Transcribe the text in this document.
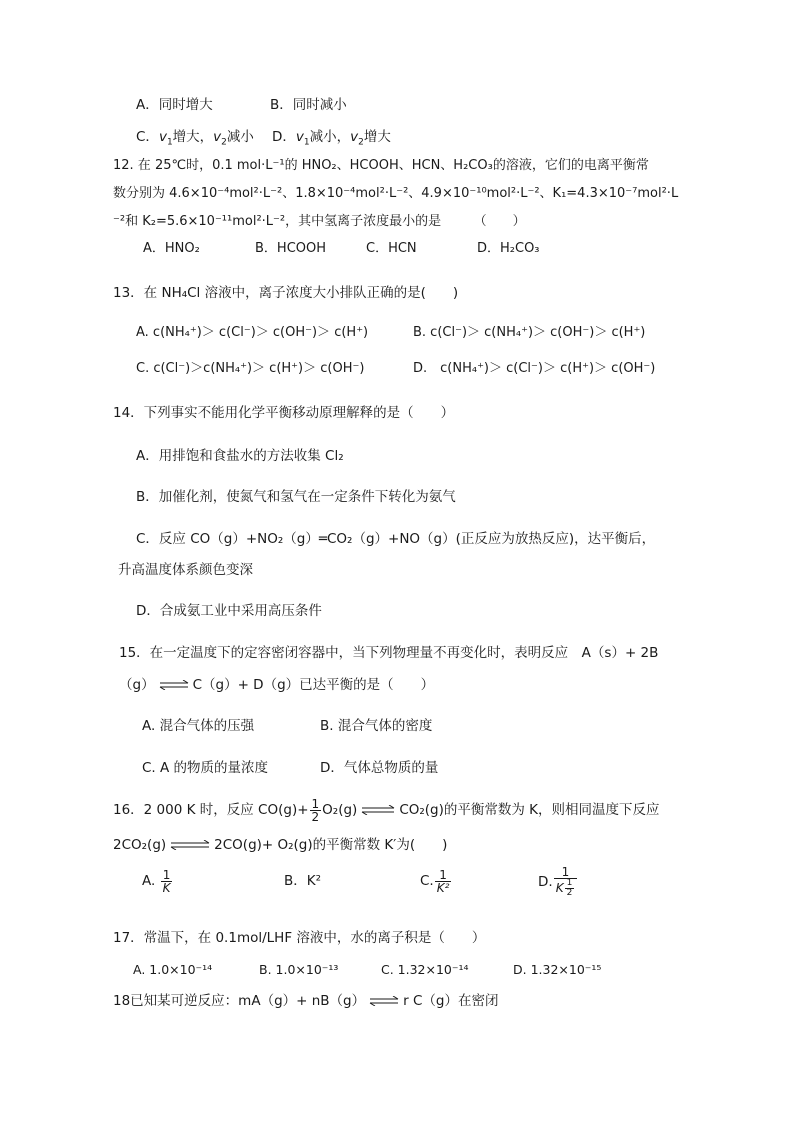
A．同时增大	B．同时减小
C．$v_1$增大，$v_2$减小 D．$v_1$减小，$v_2$增大
12. 在 25℃时，0.1 mol·L⁻¹的 HNO₂、HCOOH、HCN、H₂CO₃的溶液，它们的电离平衡常
数分别为 4.6×10⁻⁴mol²·L⁻²、1.8×10⁻⁴mol²·L⁻²、4.9×10⁻¹⁰mol²·L⁻²、K₁=4.3×10⁻⁷mol²·L
⁻²和 K₂=5.6×10⁻¹¹mol²·L⁻²，其中氢离子浓度最小的是　　　（　　）
A．HNO₂	B．HCOOH	C．HCN	D．H₂CO₃
13．在 NH₄Cl 溶液中，离子浓度大小排队正确的是(　　)
A. c(NH₄⁺)＞ c(Cl⁻)＞ c(OH⁻)＞ c(H⁺)	B. c(Cl⁻)＞ c(NH₄⁺)＞ c(OH⁻)＞ c(H⁺)
C. c(Cl⁻)＞c(NH₄⁺)＞ c(H⁺)＞ c(OH⁻)	D.　c(NH₄⁺)＞ c(Cl⁻)＞ c(H⁺)＞ c(OH⁻)
14．下列事实不能用化学平衡移动原理解释的是（　　）
A．用排饱和食盐水的方法收集 Cl₂
B．加催化剂，使氮气和氢气在一定条件下转化为氨气
C．反应 CO（g）+NO₂（g）═CO₂（g）+NO（g）(正反应为放热反应)，达平衡后，
升高温度体系颜色变深
D．合成氨工业中采用高压条件
15．在一定温度下的定容密闭容器中，当下列物理量不再变化时，表明反应　A（s）+ 2B
（g） ⇌ C（g）+ D（g）已达平衡的是（　　）
A. 混合气体的压强	B. 混合气体的密度
C. A 的物质的量浓度	D．气体总物质的量
16．2 000 K 时，反应 $CO(g)+ \frac{1}{2} O_2(g)$ ⇌ CO₂(g)的平衡常数为 K，则相同温度下反应
2CO₂(g) ⇌ 2CO(g)+ O₂(g)的平衡常数 K′为(　　)
A. $\frac{1}{K}$	B．K²	C. $\frac{1}{\text{K²}}$	D. $\frac{1}{K \frac{1}{2}}$
17．常温下，在 0.1mol/LHF 溶液中，水的离子积是（　　）
A. 1.0×10⁻¹⁴	B. 1.0×10⁻¹³	C. 1.32×10⁻¹⁴	D. 1.32×10⁻¹⁵
18已知某可逆反应：mA（g）+ nB（g） ⇌ r C（g）在密闭
